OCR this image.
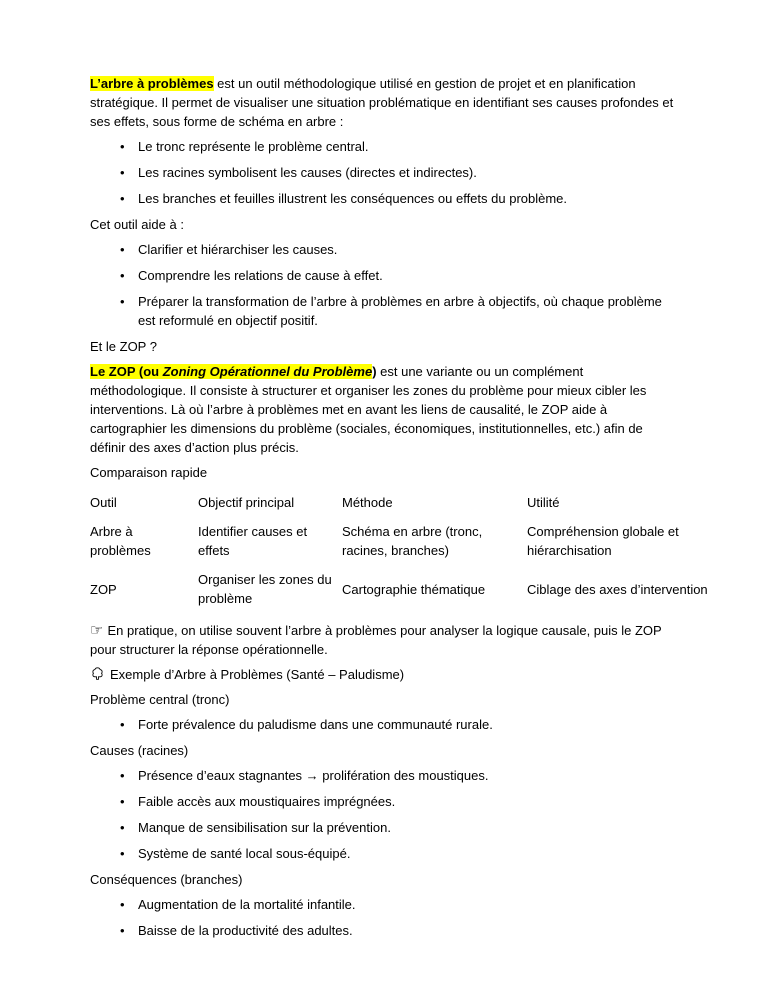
L’arbre à problèmes est un outil méthodologique utilisé en gestion de projet et en planification stratégique. Il permet de visualiser une situation problématique en identifiant ses causes profondes et ses effets, sous forme de schéma en arbre :

• Le tronc représente le problème central.
• Les racines symbolisent les causes (directes et indirectes).
• Les branches et feuilles illustrent les conséquences ou effets du problème.

Cet outil aide à :

• Clarifier et hiérarchiser les causes.
• Comprendre les relations de cause à effet.
• Préparer la transformation de l’arbre à problèmes en arbre à objectifs, où chaque problème est reformulé en objectif positif.

Et le ZOP ?

Le ZOP (ou Zoning Opérationnel du Problème) est une variante ou un complément méthodologique. Il consiste à structurer et organiser les zones du problème pour mieux cibler les interventions. Là où l’arbre à problèmes met en avant les liens de causalité, le ZOP aide à cartographier les dimensions du problème (sociales, économiques, institutionnelles, etc.) afin de définir des axes d’action plus précis.

Comparaison rapide

Outil	Objectif principal	Méthode	Utilité
Arbre à problèmes	Identifier causes et effets	Schéma en arbre (tronc, racines, branches)	Compréhension globale et hiérarchisation
ZOP	Organiser les zones du problème	Cartographie thématique	Ciblage des axes d’intervention

☞ En pratique, on utilise souvent l’arbre à problèmes pour analyser la logique causale, puis le ZOP pour structurer la réponse opérationnelle.

Exemple d’Arbre à Problèmes (Santé – Paludisme)

Problème central (tronc)

• Forte prévalence du paludisme dans une communauté rurale.

Causes (racines)

• Présence d’eaux stagnantes → prolifération des moustiques.
• Faible accès aux moustiquaires imprégnées.
• Manque de sensibilisation sur la prévention.
• Système de santé local sous-équipé.

Conséquences (branches)

• Augmentation de la mortalité infantile.
• Baisse de la productivité des adultes.
